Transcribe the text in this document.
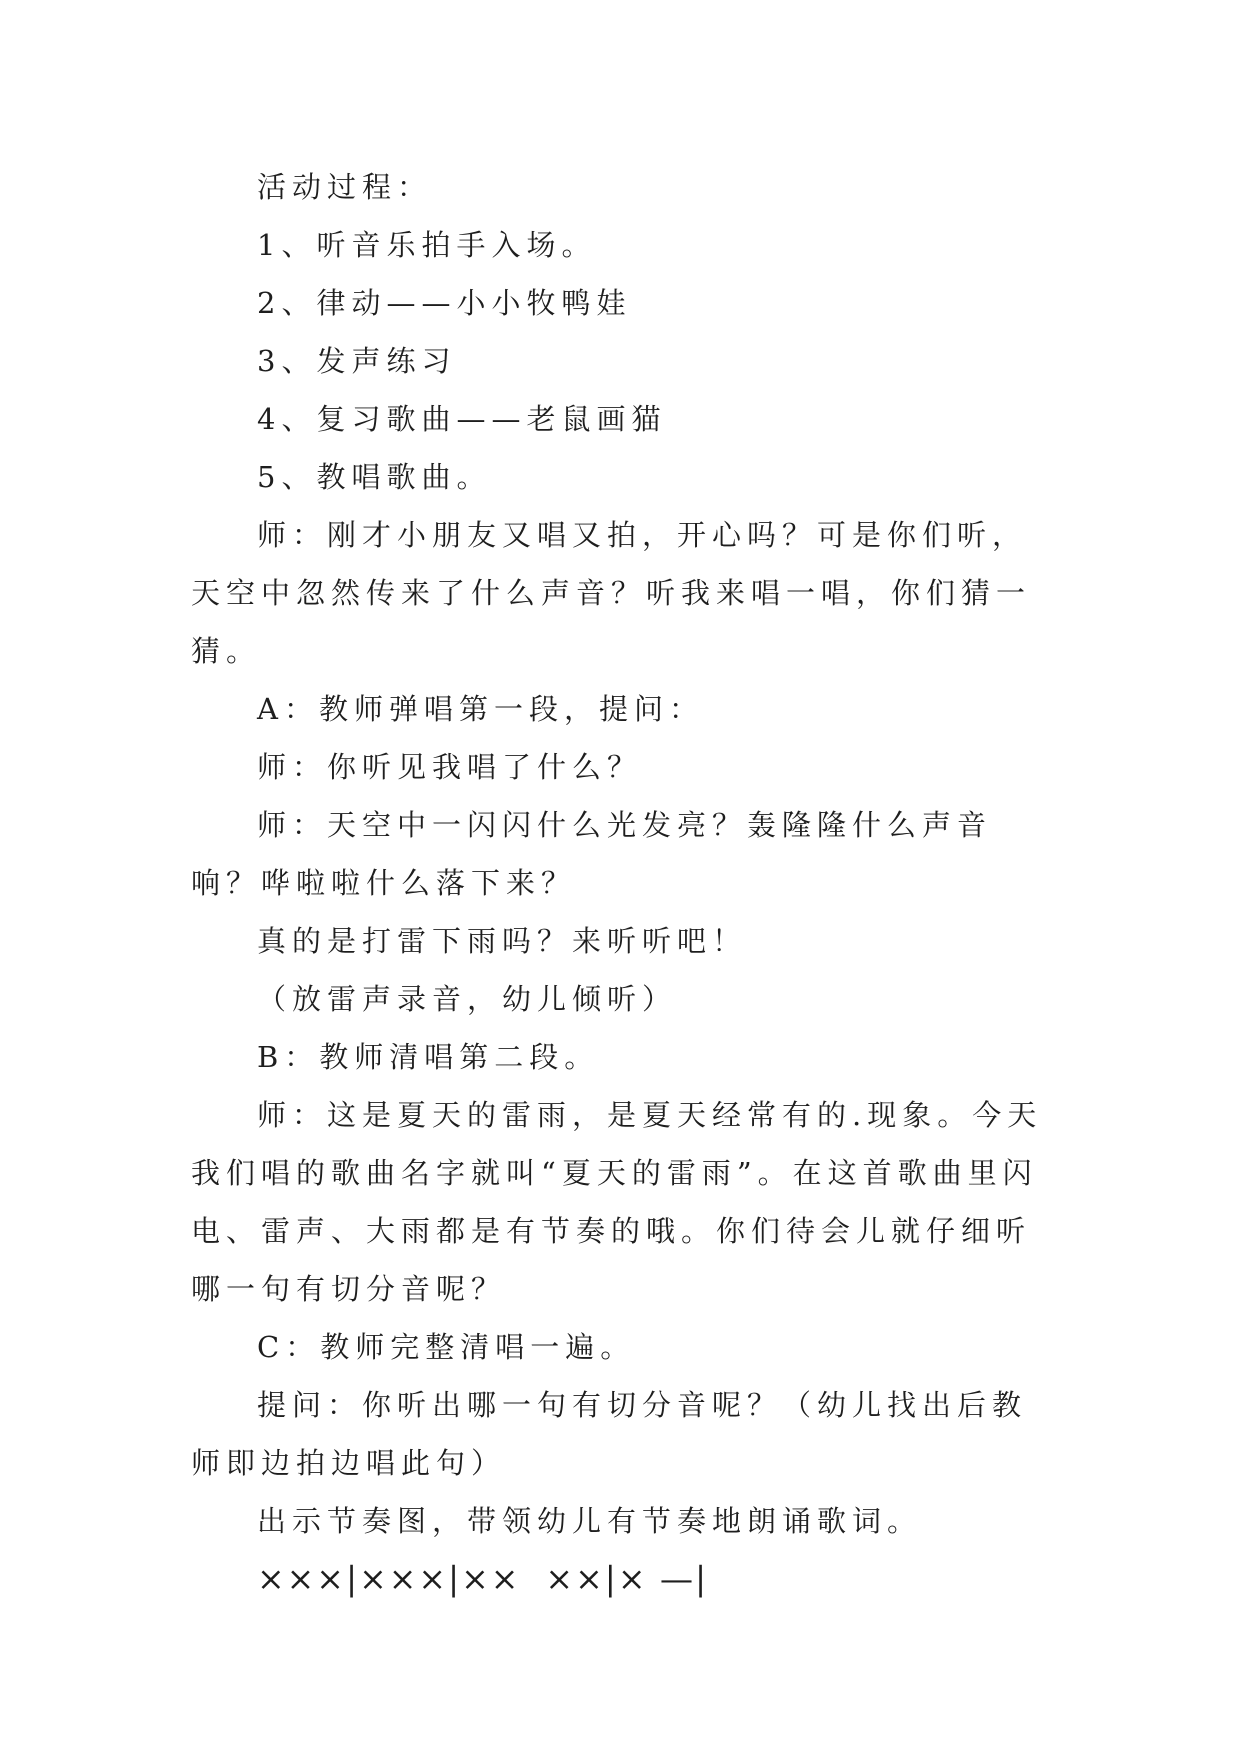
活动过程：

1、听音乐拍手入场。

2、律动——小小牧鸭娃

3、发声练习

4、复习歌曲——老鼠画猫

5、教唱歌曲。

师：刚才小朋友又唱又拍，开心吗？可是你们听，天空中忽然传来了什么声音？听我来唱一唱，你们猜一猜。

A：教师弹唱第一段，提问：

师：你听见我唱了什么？

师：天空中一闪闪什么光发亮？轰隆隆什么声音响？哗啦啦什么落下来？

真的是打雷下雨吗？来听听吧！

（放雷声录音，幼儿倾听）

B：教师清唱第二段。

师：这是夏天的雷雨，是夏天经常有的.现象。今天我们唱的歌曲名字就叫“夏天的雷雨”。在这首歌曲里闪电、雷声、大雨都是有节奏的哦。你们待会儿就仔细听哪一句有切分音呢？

C：教师完整清唱一遍。

提问：你听出哪一句有切分音呢？（幼儿找出后教师即边拍边唱此句）

出示节奏图，带领幼儿有节奏地朗诵歌词。

×××|×××|××  ××|× —|
